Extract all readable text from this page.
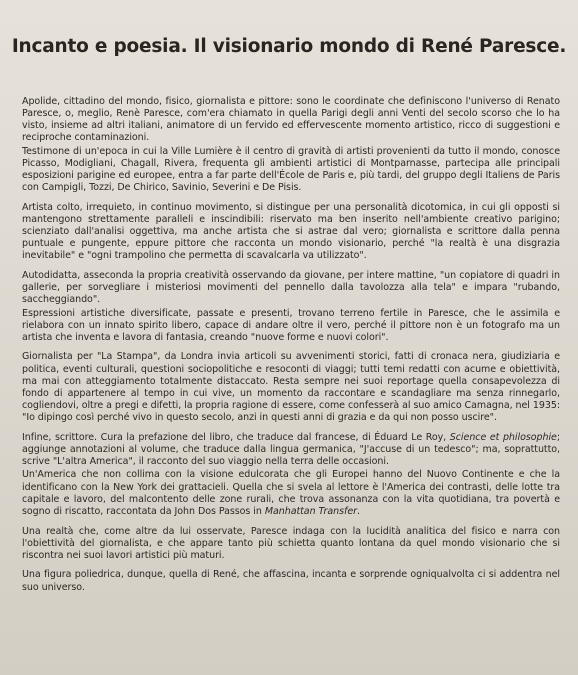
Incanto e poesia. Il visionario mondo di René Paresce.

Apolide, cittadino del mondo, fisico, giornalista e pittore: sono le coordinate che definiscono l'universo di Renato Paresce, o, meglio, Renè Paresce, com'era chiamato in quella Parigi degli anni Venti del secolo scorso che lo ha visto, insieme ad altri italiani, animatore di un fervido ed effervescente momento artistico, ricco di suggestioni e reciproche contaminazioni.

Testimone di un'epoca in cui la Ville Lumière è il centro di gravità di artisti provenienti da tutto il mondo, conosce Picasso, Modigliani, Chagall, Rivera, frequenta gli ambienti artistici di Montparnasse, partecipa alle principali esposizioni parigine ed europee, entra a far parte dell'École de Paris e, più tardi, del gruppo degli Italiens de Paris con Campigli, Tozzi, De Chirico, Savinio, Severini e De Pisis.

Artista colto, irrequieto, in continuo movimento, si distingue per una personalità dicotomica, in cui gli opposti si mantengono strettamente paralleli e inscindibili: riservato ma ben inserito nell'ambiente creativo parigino; scienziato dall'analisi oggettiva, ma anche artista che si astrae dal vero; giornalista e scrittore dalla penna puntuale e pungente, eppure pittore che racconta un mondo visionario, perché "la realtà è una disgrazia inevitabile" e "ogni trampolino che permetta di scavalcarla va utilizzato".

Autodidatta, asseconda la propria creatività osservando da giovane, per intere mattine, "un copiatore di quadri in gallerie, per sorvegliare i misteriosi movimenti del pennello dalla tavolozza alla tela" e impara "rubando, saccheggiando".

Espressioni artistiche diversificate, passate e presenti, trovano terreno fertile in Paresce, che le assimila e rielabora con un innato spirito libero, capace di andare oltre il vero, perché il pittore non è un fotografo ma un artista che inventa e lavora di fantasia, creando "nuove forme e nuovi colori".

Giornalista per "La Stampa", da Londra invia articoli su avvenimenti storici, fatti di cronaca nera, giudiziaria e politica, eventi culturali, questioni sociopolitiche e resoconti di viaggi; tutti temi redatti con acume e obiettività, ma mai con atteggiamento totalmente distaccato. Resta sempre nei suoi reportage quella consapevolezza di fondo di appartenere al tempo in cui vive, un momento da raccontare e scandagliare ma senza rinnegarlo, cogliendovi, oltre a pregi e difetti, la propria ragione di essere, come confesserà al suo amico Camagna, nel 1935: "Io dipingo così perché vivo in questo secolo, anzi in questi anni di grazia e da qui non posso uscire".

Infine, scrittore. Cura la prefazione del libro, che traduce dal francese, di Éduard Le Roy, Science et philosophie; aggiunge annotazioni al volume, che traduce dalla lingua germanica, "J'accuse di un tedesco"; ma, soprattutto, scrive "L'altra America", il racconto del suo viaggio nella terra delle occasioni.

Un'America che non collima con la visione edulcorata che gli Europei hanno del Nuovo Continente e che la identificano con la New York dei grattacieli. Quella che si svela al lettore è l'America dei contrasti, delle lotte tra capitale e lavoro, del malcontento delle zone rurali, che trova assonanza con la vita quotidiana, tra povertà e sogno di riscatto, raccontata da John Dos Passos in Manhattan Transfer.

Una realtà che, come altre da lui osservate, Paresce indaga con la lucidità analitica del fisico e narra con l'obiettività del giornalista, e che appare tanto più schietta quanto lontana da quel mondo visionario che si riscontra nei suoi lavori artistici più maturi.

Una figura poliedrica, dunque, quella di René, che affascina, incanta e sorprende ogniqualvolta ci si addentra nel suo universo.
